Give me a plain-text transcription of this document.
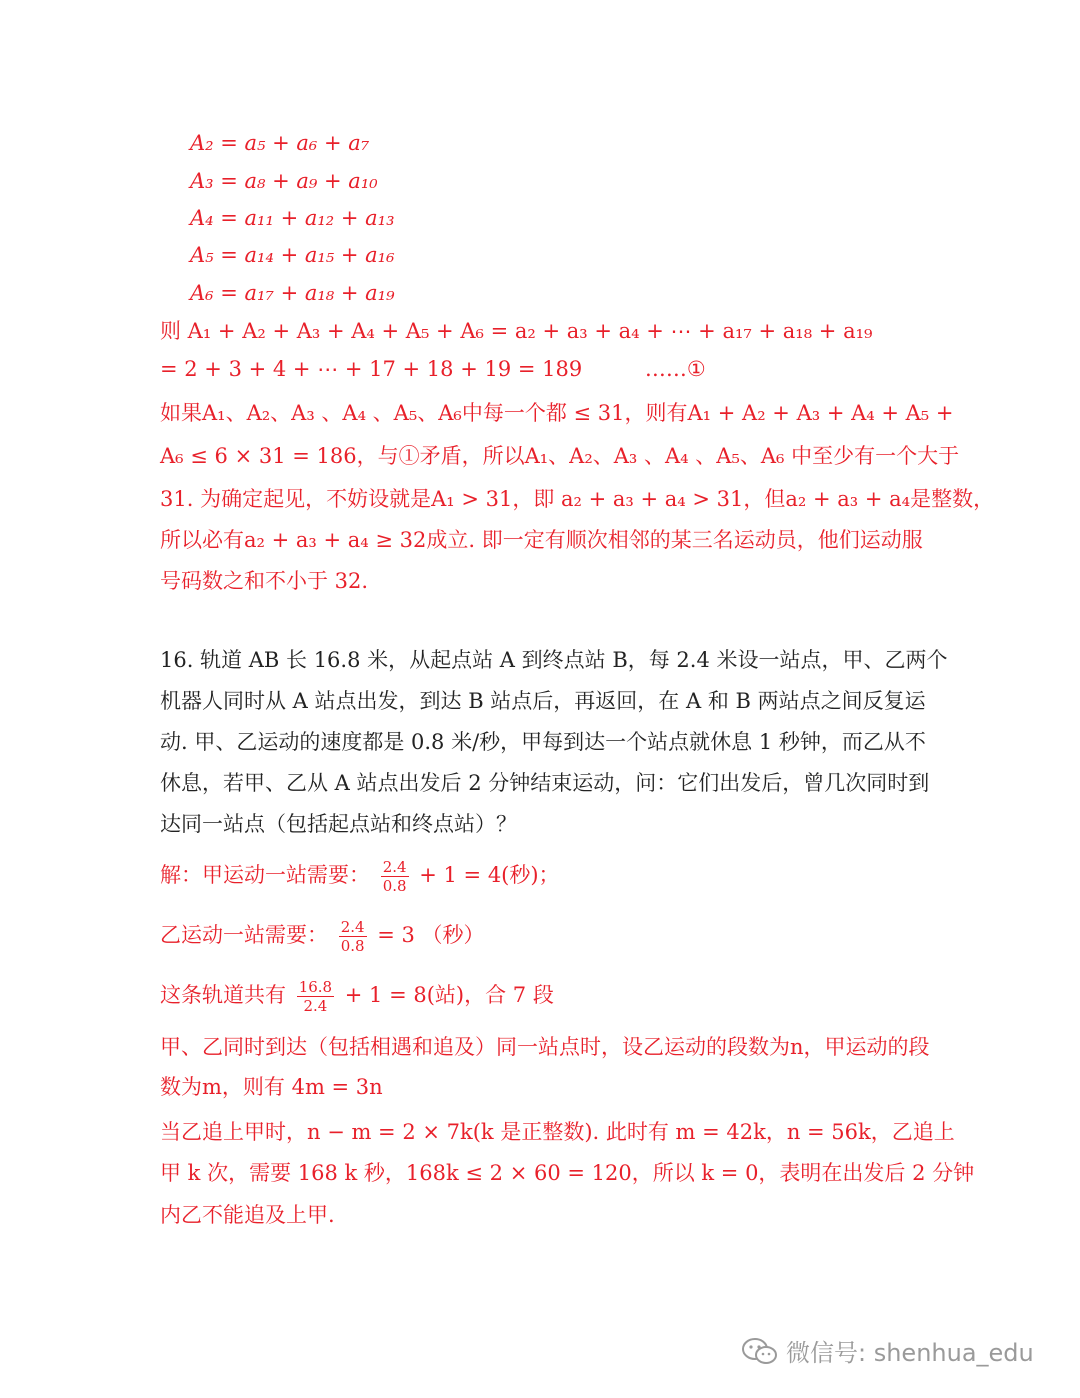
A₂ = a₅ + a₆ + a₇
A₃ = a₈ + a₉ + a₁₀
A₄ = a₁₁ + a₁₂ + a₁₃
A₅ = a₁₄ + a₁₅ + a₁₆
A₆ = a₁₇ + a₁₈ + a₁₉
则 A₁ + A₂ + A₃ + A₄ + A₅ + A₆ = a₂ + a₃ + a₄ + ⋯ + a₁₇ + a₁₈ + a₁₉
= 2 + 3 + 4 + ⋯ + 17 + 18 + 19 = 189	……①
如果A₁、A₂、A₃ 、A₄ 、A₅、A₆中每一个都 ≤ 31，则有A₁ + A₂ + A₃ + A₄ + A₅ +
A₆ ≤ 6 × 31 = 186，与①矛盾，所以A₁、A₂、A₃ 、A₄ 、A₅、A₆ 中至少有一个大于
31. 为确定起见，不妨设就是A₁ > 31，即 a₂ + a₃ + a₄ > 31，但a₂ + a₃ + a₄是整数，
所以必有a₂ + a₃ + a₄ ≥ 32成立. 即一定有顺次相邻的某三名运动员，他们运动服
号码数之和不小于 32.
16. 轨道 AB 长 16.8 米，从起点站 A 到终点站 B，每 2.4 米设一站点，甲、乙两个
机器人同时从 A 站点出发，到达 B 站点后，再返回，在 A 和 B 两站点之间反复运
动. 甲、乙运动的速度都是 0.8 米/秒，甲每到达一个站点就休息 1 秒钟，而乙从不
休息，若甲、乙从 A 站点出发后 2 分钟结束运动，问：它们出发后，曾几次同时到
达同一站点（包括起点站和终点站）？
解：甲运动一站需要： $\frac{2.4}{0.8} + 1 = 4$(秒)；
乙运动一站需要： $\frac{2.4}{0.8} = 3$ （秒）
这条轨道共有 $\frac{16.8}{2.4} + 1 = 8$(站)，合 7 段
甲、乙同时到达（包括相遇和追及）同一站点时，设乙运动的段数为n，甲运动的段
数为m，则有 4m = 3n
当乙追上甲时，n − m = 2 × 7k(k 是正整数). 此时有 m = 42k，n = 56k，乙追上
甲 k 次，需要 168 k 秒，168k ≤ 2 × 60 = 120，所以 k = 0，表明在出发后 2 分钟
内乙不能追及上甲.
微信号: shenhua_edu
